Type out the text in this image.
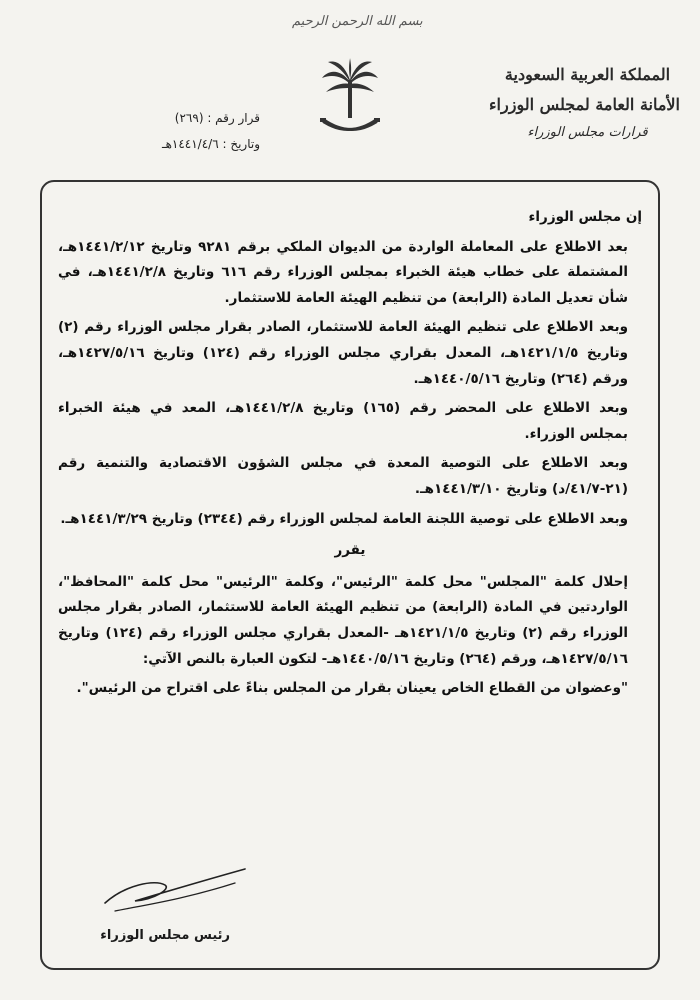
بسم الله الرحمن الرحيم
قرار رقم : (٢٦٩)
وتاريخ : ١٤٤١/٤/٦هـ
المملكة العربية السعودية
الأمانة العامة لمجلس الوزراء
قرارات مجلس الوزراء

إن مجلس الوزراء

بعد الاطلاع على المعاملة الواردة من الديوان الملكي برقم ٩٢٨١ وتاريخ ١٤٤١/٢/١٢هـ، المشتملة على خطاب هيئة الخبراء بمجلس الوزراء رقم ٦١٦ وتاريخ ١٤٤١/٢/٨هـ، في شأن تعديل المادة (الرابعة) من تنظيم الهيئة العامة للاستثمار.

وبعد الاطلاع على تنظيم الهيئة العامة للاستثمار، الصادر بقرار مجلس الوزراء رقم (٢) وتاريخ ١٤٢١/١/٥هـ، المعدل بقراري مجلس الوزراء رقم (١٢٤) وتاريخ ١٤٢٧/٥/١٦هـ، ورقم (٢٦٤) وتاريخ ١٤٤٠/٥/١٦هـ.

وبعد الاطلاع على المحضر رقم (١٦٥) وتاريخ ١٤٤١/٢/٨هـ، المعد في هيئة الخبراء بمجلس الوزراء.

وبعد الاطلاع على التوصية المعدة في مجلس الشؤون الاقتصادية والتنمية رقم (٢١-٤١/٧/د) وتاريخ ١٤٤١/٣/١٠هـ.

وبعد الاطلاع على توصية اللجنة العامة لمجلس الوزراء رقم (٢٣٤٤) وتاريخ ١٤٤١/٣/٢٩هـ.

يقرر

إحلال كلمة "المجلس" محل كلمة "الرئيس"، وكلمة "الرئيس" محل كلمة "المحافظ"، الواردتين في المادة (الرابعة) من تنظيم الهيئة العامة للاستثمار، الصادر بقرار مجلس الوزراء رقم (٢) وتاريخ ١٤٢١/١/٥هـ -المعدل بقراري مجلس الوزراء رقم (١٢٤) وتاريخ ١٤٢٧/٥/١٦هـ، ورقم (٢٦٤) وتاريخ ١٤٤٠/٥/١٦هـ- لتكون العبارة بالنص الآتي:

"وعضوان من القطاع الخاص يعينان بقرار من المجلس بناءً على اقتراح من الرئيس".

رئيس مجلس الوزراء
